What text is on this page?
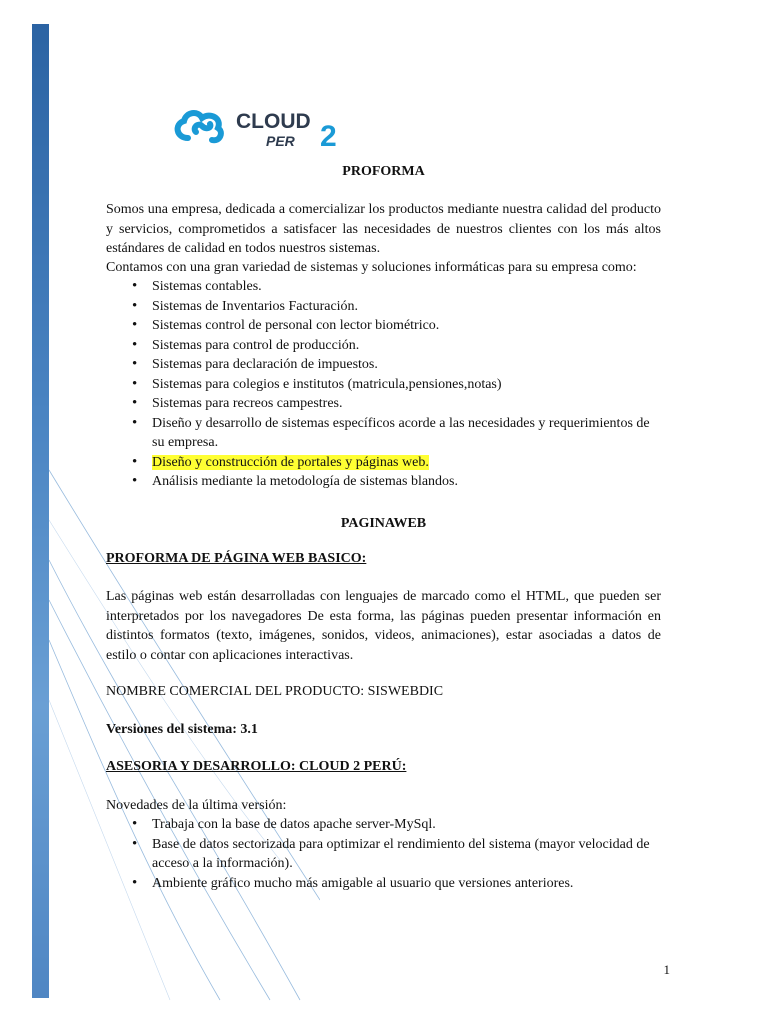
CLOUD
PER 2
PROFORMA
Somos una empresa, dedicada a comercializar los productos mediante nuestra calidad del producto y servicios, comprometidos a satisfacer las necesidades de nuestros clientes con los más altos estándares de calidad en todos nuestros sistemas.
Contamos con una gran variedad de sistemas y soluciones informáticas para su empresa como:
• Sistemas contables.
• Sistemas de Inventarios Facturación.
• Sistemas control de personal con lector biométrico.
• Sistemas para control de producción.
• Sistemas para declaración de impuestos.
• Sistemas para colegios e institutos (matricula,pensiones,notas)
• Sistemas para recreos campestres.
• Diseño y desarrollo de sistemas específicos acorde a las necesidades y requerimientos de su empresa.
• Diseño y construcción de portales y páginas web.
• Análisis mediante la metodología de sistemas blandos.
PAGINAWEB
PROFORMA DE PÁGINA WEB BASICO:
Las páginas web están desarrolladas con lenguajes de marcado como el HTML, que pueden ser interpretados por los navegadores De esta forma, las páginas pueden presentar información en distintos formatos (texto, imágenes, sonidos, videos, animaciones), estar asociadas a datos de estilo o contar con aplicaciones interactivas.
NOMBRE COMERCIAL DEL PRODUCTO: SISWEBDIC
Versiones del sistema: 3.1
ASESORIA Y DESARROLLO: CLOUD 2 PERÚ:
Novedades de la última versión:
• Trabaja con la base de datos apache server-MySql.
• Base de datos sectorizada para optimizar el rendimiento del sistema (mayor velocidad de acceso a la información).
• Ambiente gráfico mucho más amigable al usuario que versiones anteriores.
1
